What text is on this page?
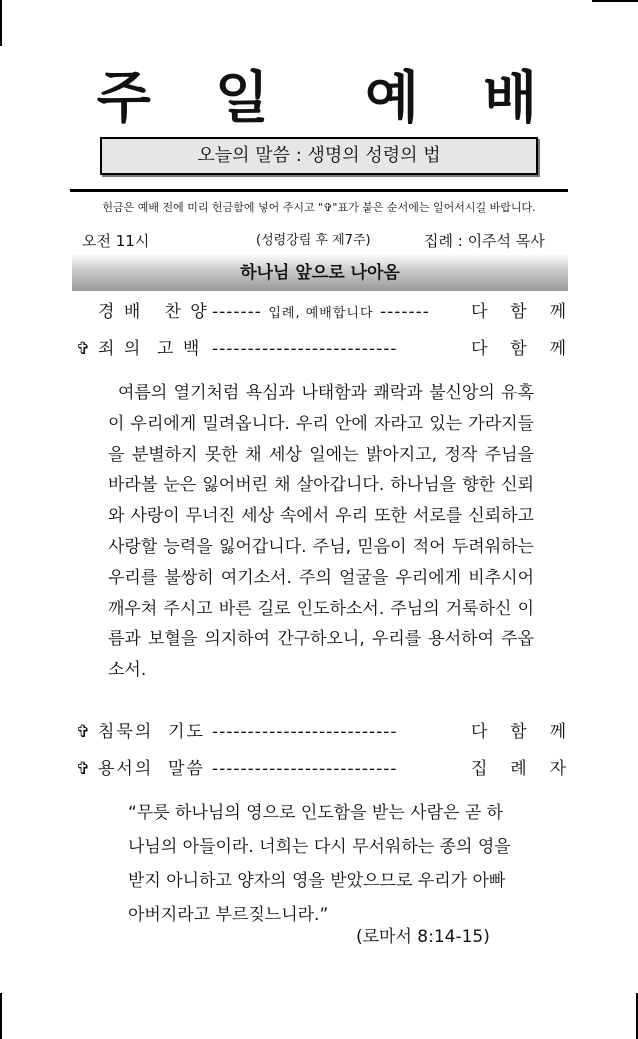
주 일 예 배
오늘의 말씀 : 생명의 성령의 법
헌금은 예배 전에 미리 헌금함에 넣어 주시고 "✞"표가 붙은 순서에는 일어서시길 바랍니다.
오전 11시	(성령강림 후 제7주)	집례 : 이주석 목사
하나님 앞으로 나아옴
경 배   찬 양 ------- 입례, 예배합니다 -------	다 함 께
✞ 죄 의  고 백 --------------------------	다 함 께

여름의 열기처럼 욕심과 나태함과 쾌락과 불신앙의 유혹이 우리에게 밀려옵니다. 우리 안에 자라고 있는 가라지들을 분별하지 못한 채 세상 일에는 밝아지고, 정작 주님을 바라볼 눈은 잃어버린 채 살아갑니다. 하나님을 향한 신뢰와 사랑이 무너진 세상 속에서 우리 또한 서로를 신뢰하고 사랑할 능력을 잃어갑니다. 주님, 믿음이 적어 두려워하는 우리를 불쌍히 여기소서. 주의 얼굴을 우리에게 비추시어 깨우쳐 주시고 바른 길로 인도하소서. 주님의 거룩하신 이름과 보혈을 의지하여 간구하오니, 우리를 용서하여 주옵소서.

✞ 침묵의  기도 --------------------------	다 함 께
✞ 용서의  말씀 --------------------------	집 례 자

“무릇 하나님의 영으로 인도함을 받는 사람은 곧 하나님의 아들이라. 너희는 다시 무서워하는 종의 영을 받지 아니하고 양자의 영을 받았으므로 우리가 아빠 아버지라고 부르짖느니라.”

(로마서 8:14-15)
